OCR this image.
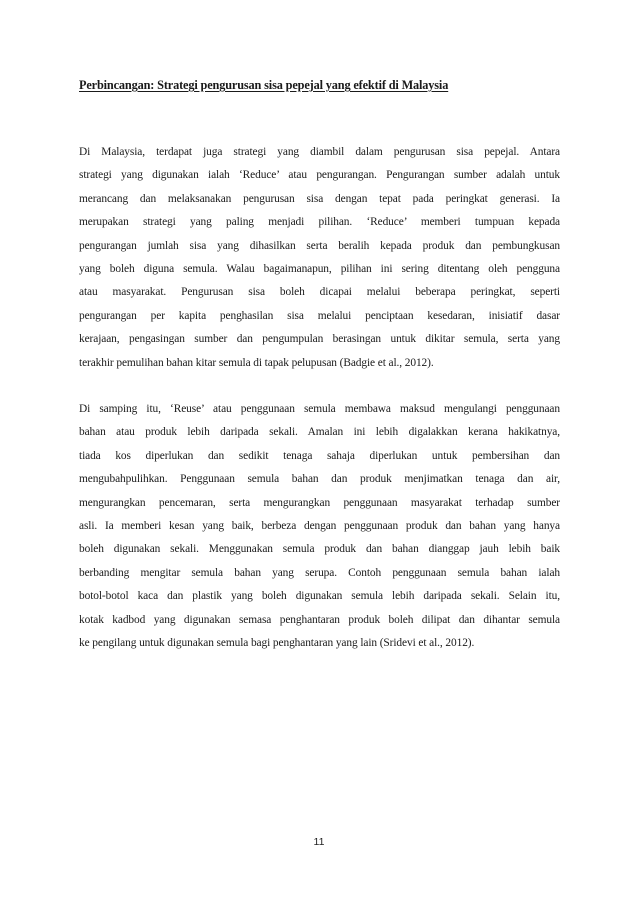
Perbincangan: Strategi pengurusan sisa pepejal yang efektif di Malaysia
Di Malaysia, terdapat juga strategi yang diambil dalam pengurusan sisa pepejal. Antara
strategi yang digunakan ialah ‘Reduce’ atau pengurangan. Pengurangan sumber adalah untuk
merancang dan melaksanakan pengurusan sisa dengan tepat pada peringkat generasi. Ia
merupakan strategi yang paling menjadi pilihan. ‘Reduce’ memberi tumpuan kepada
pengurangan jumlah sisa yang dihasilkan serta beralih kepada produk dan pembungkusan
yang boleh diguna semula. Walau bagaimanapun, pilihan ini sering ditentang oleh pengguna
atau masyarakat. Pengurusan sisa boleh dicapai melalui beberapa peringkat, seperti
pengurangan per kapita penghasilan sisa melalui penciptaan kesedaran, inisiatif dasar
kerajaan, pengasingan sumber dan pengumpulan berasingan untuk dikitar semula, serta yang
terakhir pemulihan bahan kitar semula di tapak pelupusan (Badgie et al., 2012).
Di samping itu, ‘Reuse’ atau penggunaan semula membawa maksud mengulangi penggunaan
bahan atau produk lebih daripada sekali. Amalan ini lebih digalakkan kerana hakikatnya,
tiada kos diperlukan dan sedikit tenaga sahaja diperlukan untuk pembersihan dan
mengubahpulihkan. Penggunaan semula bahan dan produk menjimatkan tenaga dan air,
mengurangkan pencemaran, serta mengurangkan penggunaan masyarakat terhadap sumber
asli. Ia memberi kesan yang baik, berbeza dengan penggunaan produk dan bahan yang hanya
boleh digunakan sekali. Menggunakan semula produk dan bahan dianggap jauh lebih baik
berbanding mengitar semula bahan yang serupa. Contoh penggunaan semula bahan ialah
botol-botol kaca dan plastik yang boleh digunakan semula lebih daripada sekali. Selain itu,
kotak kadbod yang digunakan semasa penghantaran produk boleh dilipat dan dihantar semula
ke pengilang untuk digunakan semula bagi penghantaran yang lain (Sridevi et al., 2012).
11
